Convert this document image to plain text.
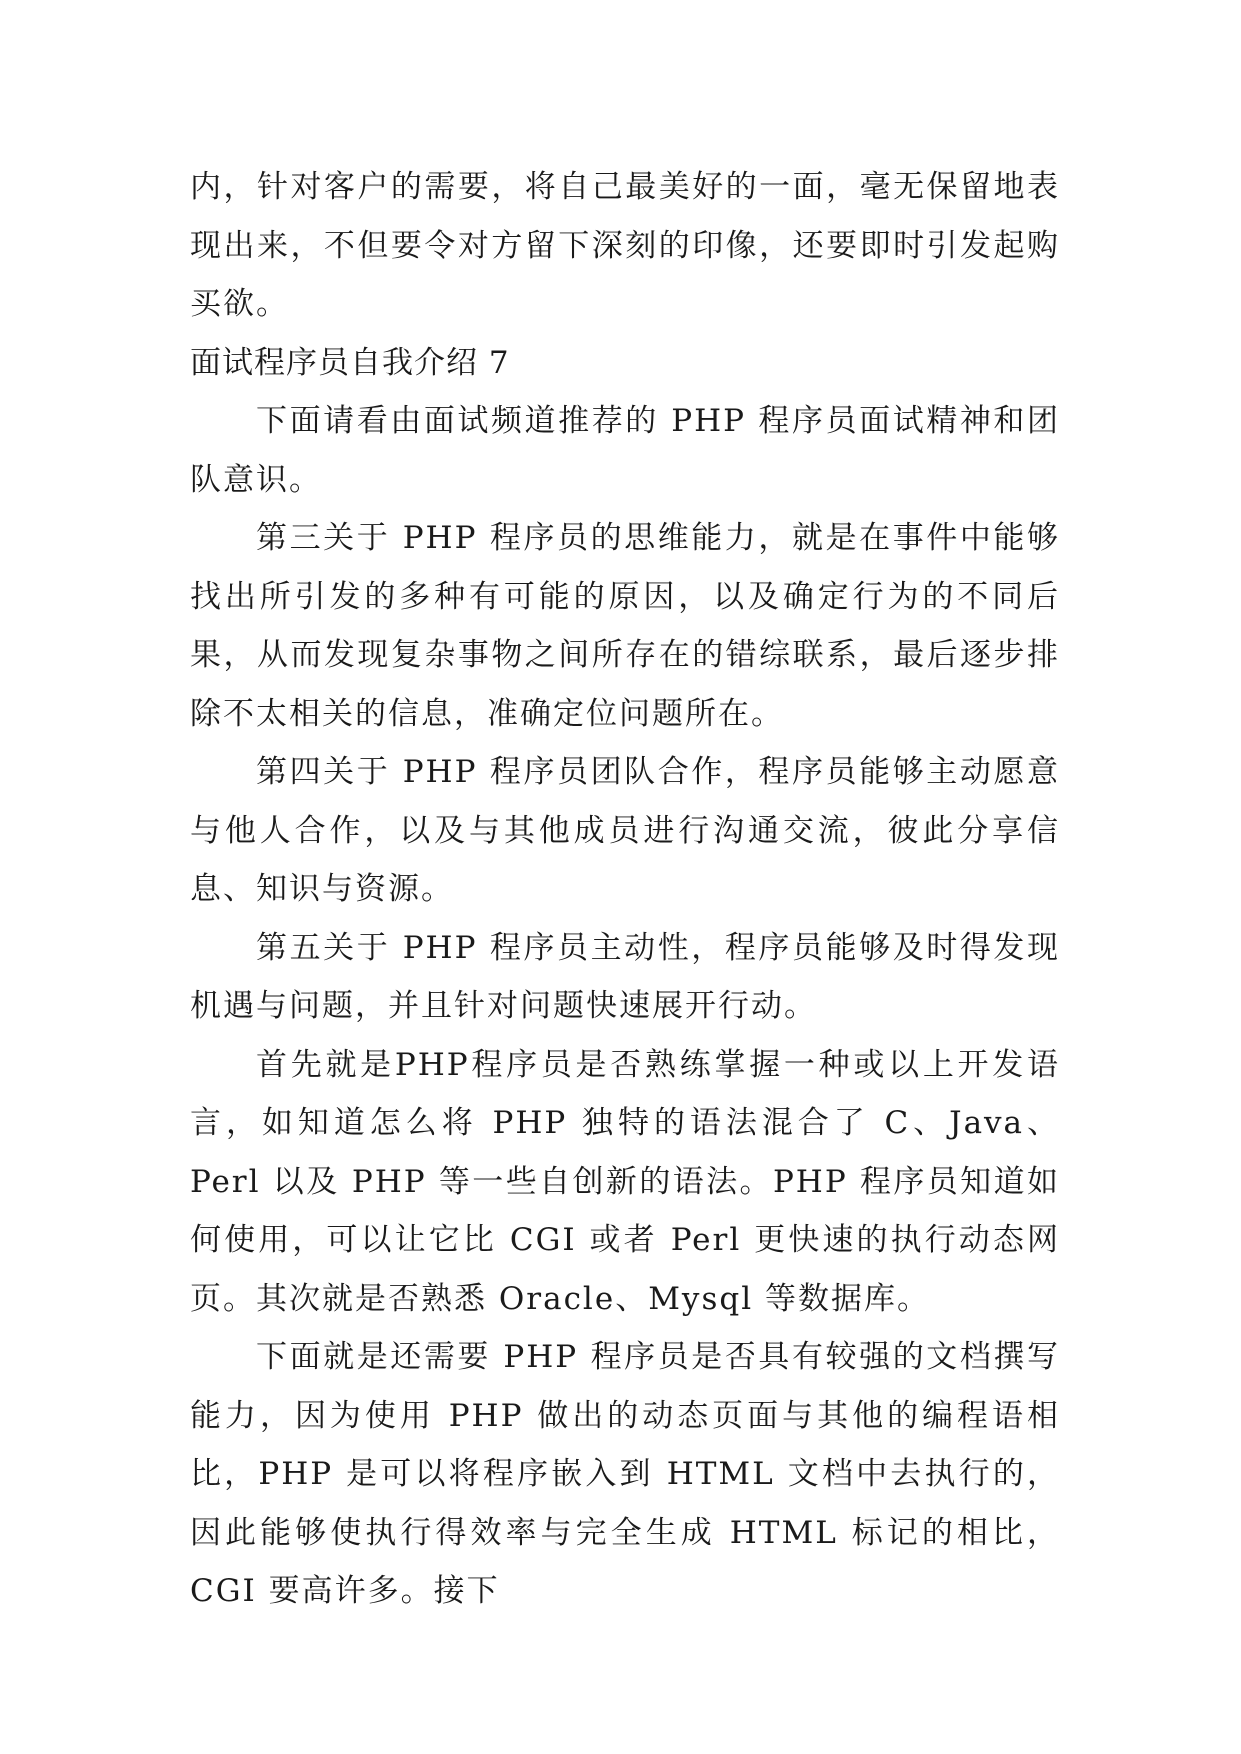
内，针对客户的需要，将自己最美好的一面，毫无保留地表现出来，不但要令对方留下深刻的印像，还要即时引发起购买欲。

面试程序员自我介绍 7

下面请看由面试频道推荐的 PHP 程序员面试精神和团队意识。

第三关于 PHP 程序员的思维能力，就是在事件中能够找出所引发的多种有可能的原因，以及确定行为的不同后果，从而发现复杂事物之间所存在的错综联系，最后逐步排除不太相关的信息，准确定位问题所在。

第四关于 PHP 程序员团队合作，程序员能够主动愿意与他人合作，以及与其他成员进行沟通交流，彼此分享信息、知识与资源。

第五关于 PHP 程序员主动性，程序员能够及时得发现机遇与问题，并且针对问题快速展开行动。

首先就是PHP程序员是否熟练掌握一种或以上开发语言，如知道怎么将 PHP 独特的语法混合了 C、Java、Perl 以及 PHP 等一些自创新的语法。PHP 程序员知道如何使用，可以让它比 CGI 或者 Perl 更快速的执行动态网页。其次就是否熟悉 Oracle、Mysql 等数据库。

下面就是还需要 PHP 程序员是否具有较强的文档撰写能力，因为使用 PHP 做出的动态页面与其他的编程语相比，PHP 是可以将程序嵌入到 HTML 文档中去执行的，因此能够使执行得效率与完全生成 HTML 标记的相比，CGI 要高许多。接下
